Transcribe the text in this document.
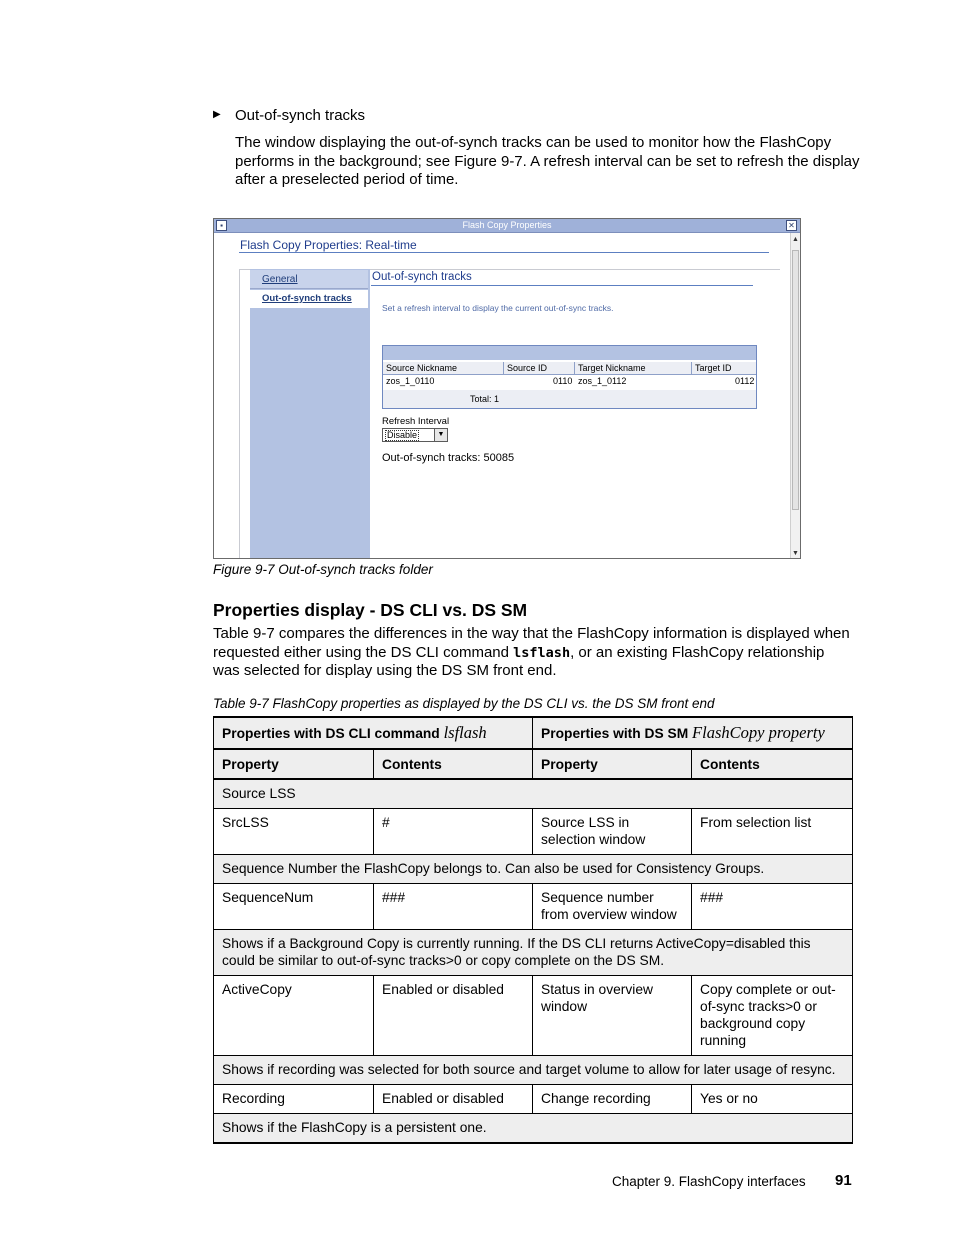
▶ Out-of-synch tracks
The window displaying the out-of-synch tracks can be used to monitor how the FlashCopy performs in the background; see Figure 9-7. A refresh interval can be set to refresh the display after a preselected period of time.
▪	Flash Copy Properties	✕
Flash Copy Properties: Real-time
General
Out-of-synch tracks
Out-of-synch tracks
Set a refresh interval to display the current out-of-sync tracks.
Source Nickname	Source ID	Target Nickname	Target ID
zos_1_0110	0110 zos_1_0112	0112
Total: 1
Refresh Interval
Disable	▼
Out-of-synch tracks: 50085
▲
▼
Figure 9-7 Out-of-synch tracks folder
Properties display - DS CLI vs. DS SM
Table 9-7 compares the differences in the way that the FlashCopy information is displayed when requested either using the DS CLI command lsflash, or an existing FlashCopy relationship was selected for display using the DS SM front end.
Table 9-7 FlashCopy properties as displayed by the DS CLI vs. the DS SM front end
Properties with DS CLI command lsflash		Properties with DS SM FlashCopy property	
Property	Contents	Property	Contents
Source LSS			
SrcLSS	#	Source LSS in selection window	From selection list
Sequence Number the FlashCopy belongs to. Can also be used for Consistency Groups.			
SequenceNum	###	Sequence number from overview window	###
Shows if a Background Copy is currently running. If the DS CLI returns ActiveCopy=disabled this could be similar to out-of-sync tracks>0 or copy complete on the DS SM.			
ActiveCopy	Enabled or disabled	Status in overview window	Copy complete or out-of-sync tracks>0 or background copy running
Shows if recording was selected for both source and target volume to allow for later usage of resync.			
Recording	Enabled or disabled	Change recording	Yes or no
Shows if the FlashCopy is a persistent one.			
Chapter 9. FlashCopy interfaces 91
